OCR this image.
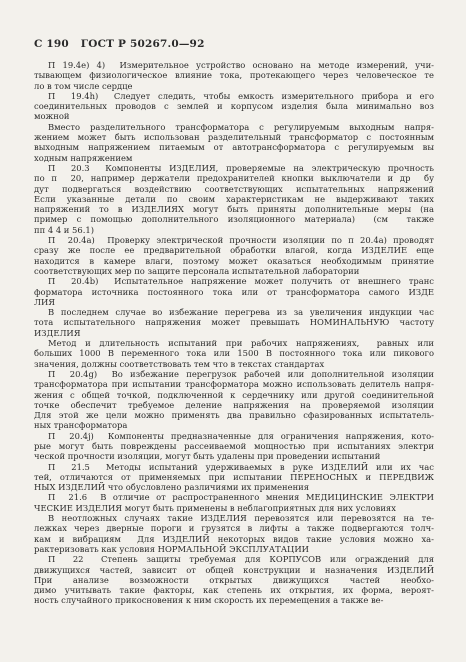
С 190 ГОСТ Р 50267.0—92
П 19.4е) 4)  Измерительное устройство основано на методе измерений, учи-
тывающем физиологическое влияние тока, протекающего через человеческое те
ло в том числе сердце
П  19.4h)  Следует следить, чтобы емкость измерительного прибора и его
соединительных проводов с землей и корпусом изделия была минимально воз
можной
Вместо разделительного трансформатора с регулируемым выходным напря-
жением может быть использован разделительный трансформатор с постоянным
выходным напряжением питаемым от автотрансформатора с регулируемым вы
ходным напряжением
П  20.3  Компоненты ИЗДЕЛИЯ, проверяемые на электрическую прочность
по п  20, например держатели предохранителей кнопки выключатели и др  бу
дут подвергаться воздействию соответствующих испытательных напряжений
Если указанные детали по своим характеристикам не выдерживают таких
напряжений то в ИЗДЕЛИЯХ могут быть приняты дополнительные меры (на
пример с помощью дополнительного изоляционного материала)  (см  также
пп 4 4 и 56.1)
П  20.4а)  Проверку электрической прочности изоляции по п 20.4а) проводят
сразу же после ее предварительной обработки влагой, когда ИЗДЕЛИЕ еще
находится в камере влаги, поэтому может оказаться необходимым принятие
соответствующих мер по защите персонала испытательной лаборатории
П  20.4b)  Испытательное напряжение может получить от внешнего транс
форматора источника постоянного тока или от трансформатора самого ИЗДЕ
ЛИЯ
В последнем случае во избежание перегрева из за увеличения индукции час
тота испытательного напряжения может превышать НОМИНАЛЬНУЮ частоту
ИЗДЕЛИЯ
Метод и длительность испытаний при рабочих напряжениях,  равных или
больших 1000 В переменного тока или 1500 В постоянного тока или пикового
значения, должны соответствовать тем что в текстах стандартах
П  20.4g)  Во избежание перегрузок рабочей или дополнительной изоляции
трансформатора при испытании трансформатора можно использовать делитель напря-
жения с общей точкой, подключенной к сердечнику или другой соединительной
точке обеспечит требуемое деление напряжения на проверяемой изоляции
Для этой же цели можно применять два правильно сфазированных испытатель-
ных трансформатора
П  20.4j)  Компоненты предназначенные для ограничения напряжения, кото-
рые могут быть повреждены рассеиваемой мощностью при испытаниях электри
ческой прочности изоляции, могут быть удалены при проведении испытаний
П  21.5  Методы испытаний удерживаемых в руке ИЗДЕЛИЙ или их час
тей, отличаются от применяемых при испытании ПЕРЕНОСНЫХ и ПЕРЕДВИЖ
НЫХ ИЗДЕЛИЙ что обусловлено различиями их применения
П  21.6  В отличие от распространенного мнения МЕДИЦИНСКИЕ ЭЛЕКТРИ
ЧЕСКИЕ ИЗДЕЛИЯ могут быть применены в неблагоприятных для них условиях
В неотложных случаях такие ИЗДЕЛИЯ перевозятся или перевозятся на те-
лежках через дверные пороги и грузятся в лифты а также подвергаются толч-
кам и вибрациям  Для ИЗДЕЛИЙ некоторых видов такие условия можно ха-
рактеризовать как условия НОРМАЛЬНОЙ ЭКСПЛУАТАЦИИ
П  22  Степень защиты требуемая для КОРПУСОВ или ограждений для
движущихся частей, зависит от общей конструкции и назначения ИЗДЕЛИЙ
При анализе возможности открытых движущихся частей необхо-
димо учитывать такие факторы, как степень их открытия, их форма, вероят-
ность случайного прикосновения к ним скорость их перемещения а также ве-
